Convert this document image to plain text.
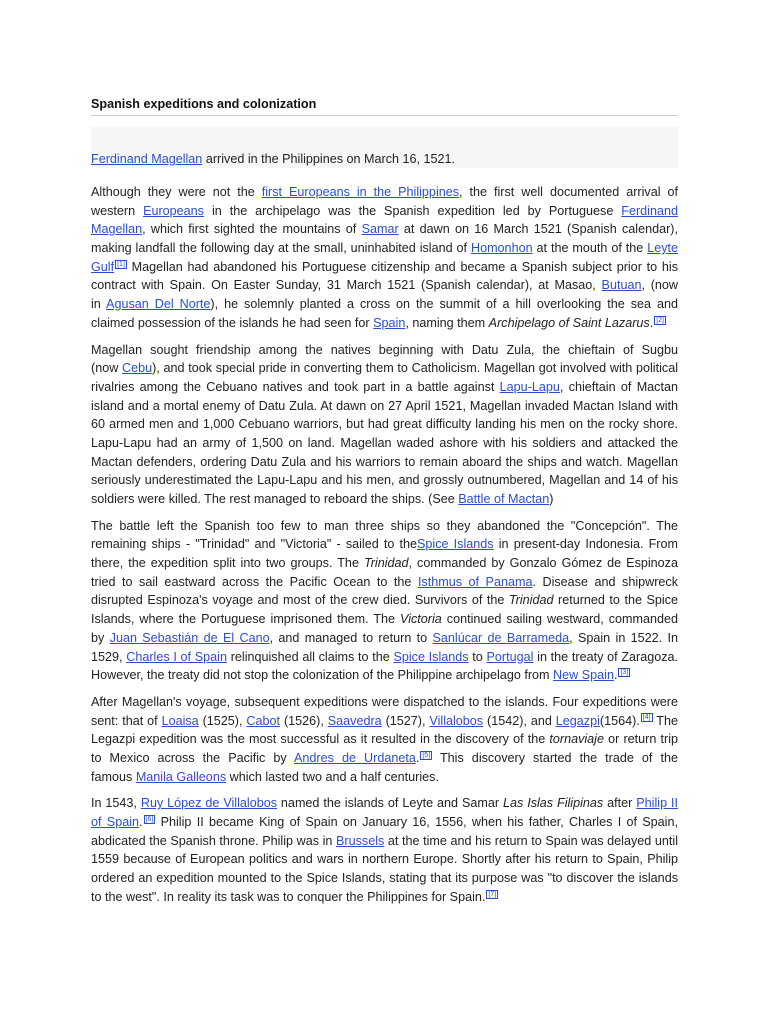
Spanish expeditions and colonization

Ferdinand Magellan arrived in the Philippines on March 16, 1521.

Although they were not the first Europeans in the Philippines, the first well documented arrival of
western Europeans in the archipelago was the Spanish expedition led by Portuguese Ferdinand
Magellan, which first sighted the mountains of Samar at dawn on 16 March 1521 (Spanish calendar),
making landfall the following day at the small, uninhabited island of Homonhon at the mouth of the Leyte
Gulf [1] Magellan had abandoned his Portuguese citizenship and became a Spanish subject prior to his
contract with Spain. On Easter Sunday, 31 March 1521 (Spanish calendar), at Masao, Butuan, (now
in Agusan Del Norte), he solemnly planted a cross on the summit of a hill overlooking the sea and
claimed possession of the islands he had seen for Spain, naming them Archipelago of Saint Lazarus. [2]
Magellan sought friendship among the natives beginning with Datu Zula, the chieftain of Sugbu
(now Cebu), and took special pride in converting them to Catholicism. Magellan got involved with political
rivalries among the Cebuano natives and took part in a battle against Lapu-Lapu, chieftain of Mactan
island and a mortal enemy of Datu Zula. At dawn on 27 April 1521, Magellan invaded Mactan Island with
60 armed men and 1,000 Cebuano warriors, but had great difficulty landing his men on the rocky shore.
Lapu-Lapu had an army of 1,500 on land. Magellan waded ashore with his soldiers and attacked the
Mactan defenders, ordering Datu Zula and his warriors to remain aboard the ships and watch. Magellan
seriously underestimated the Lapu-Lapu and his men, and grossly outnumbered, Magellan and 14 of his
soldiers were killed. The rest managed to reboard the ships. (See Battle of Mactan)
The battle left the Spanish too few to man three ships so they abandoned the "Concepción". The
remaining ships - "Trinidad" and "Victoria" - sailed to theSpice Islands in present-day Indonesia. From
there, the expedition split into two groups. The Trinidad, commanded by Gonzalo Gómez de Espinoza
tried to sail eastward across the Pacific Ocean to the Isthmus of Panama. Disease and shipwreck
disrupted Espinoza's voyage and most of the crew died. Survivors of the Trinidad returned to the Spice
Islands, where the Portuguese imprisoned them. The Victoria continued sailing westward, commanded
by Juan Sebastián de El Cano, and managed to return to Sanlúcar de Barrameda, Spain in 1522. In
1529, Charles I of Spain relinquished all claims to the Spice Islands to Portugal in the treaty of Zaragoza.
However, the treaty did not stop the colonization of the Philippine archipelago from New Spain. [3]
After Magellan's voyage, subsequent expeditions were dispatched to the islands. Four expeditions were
sent: that of Loaisa (1525), Cabot (1526), Saavedra (1527), Villalobos (1542), and Legazpi(1564). [4] The
Legazpi expedition was the most successful as it resulted in the discovery of the tornaviaje or return trip
to Mexico across the Pacific by Andres de Urdaneta. [5] This discovery started the trade of the
famous Manila Galleons which lasted two and a half centuries.
In 1543, Ruy López de Villalobos named the islands of Leyte and Samar Las Islas Filipinas after Philip II
of Spain. [6] Philip II became King of Spain on January 16, 1556, when his father, Charles I of Spain,
abdicated the Spanish throne. Philip was in Brussels at the time and his return to Spain was delayed until
1559 because of European politics and wars in northern Europe. Shortly after his return to Spain, Philip
ordered an expedition mounted to the Spice Islands, stating that its purpose was "to discover the islands
to the west". In reality its task was to conquer the Philippines for Spain. [7]
